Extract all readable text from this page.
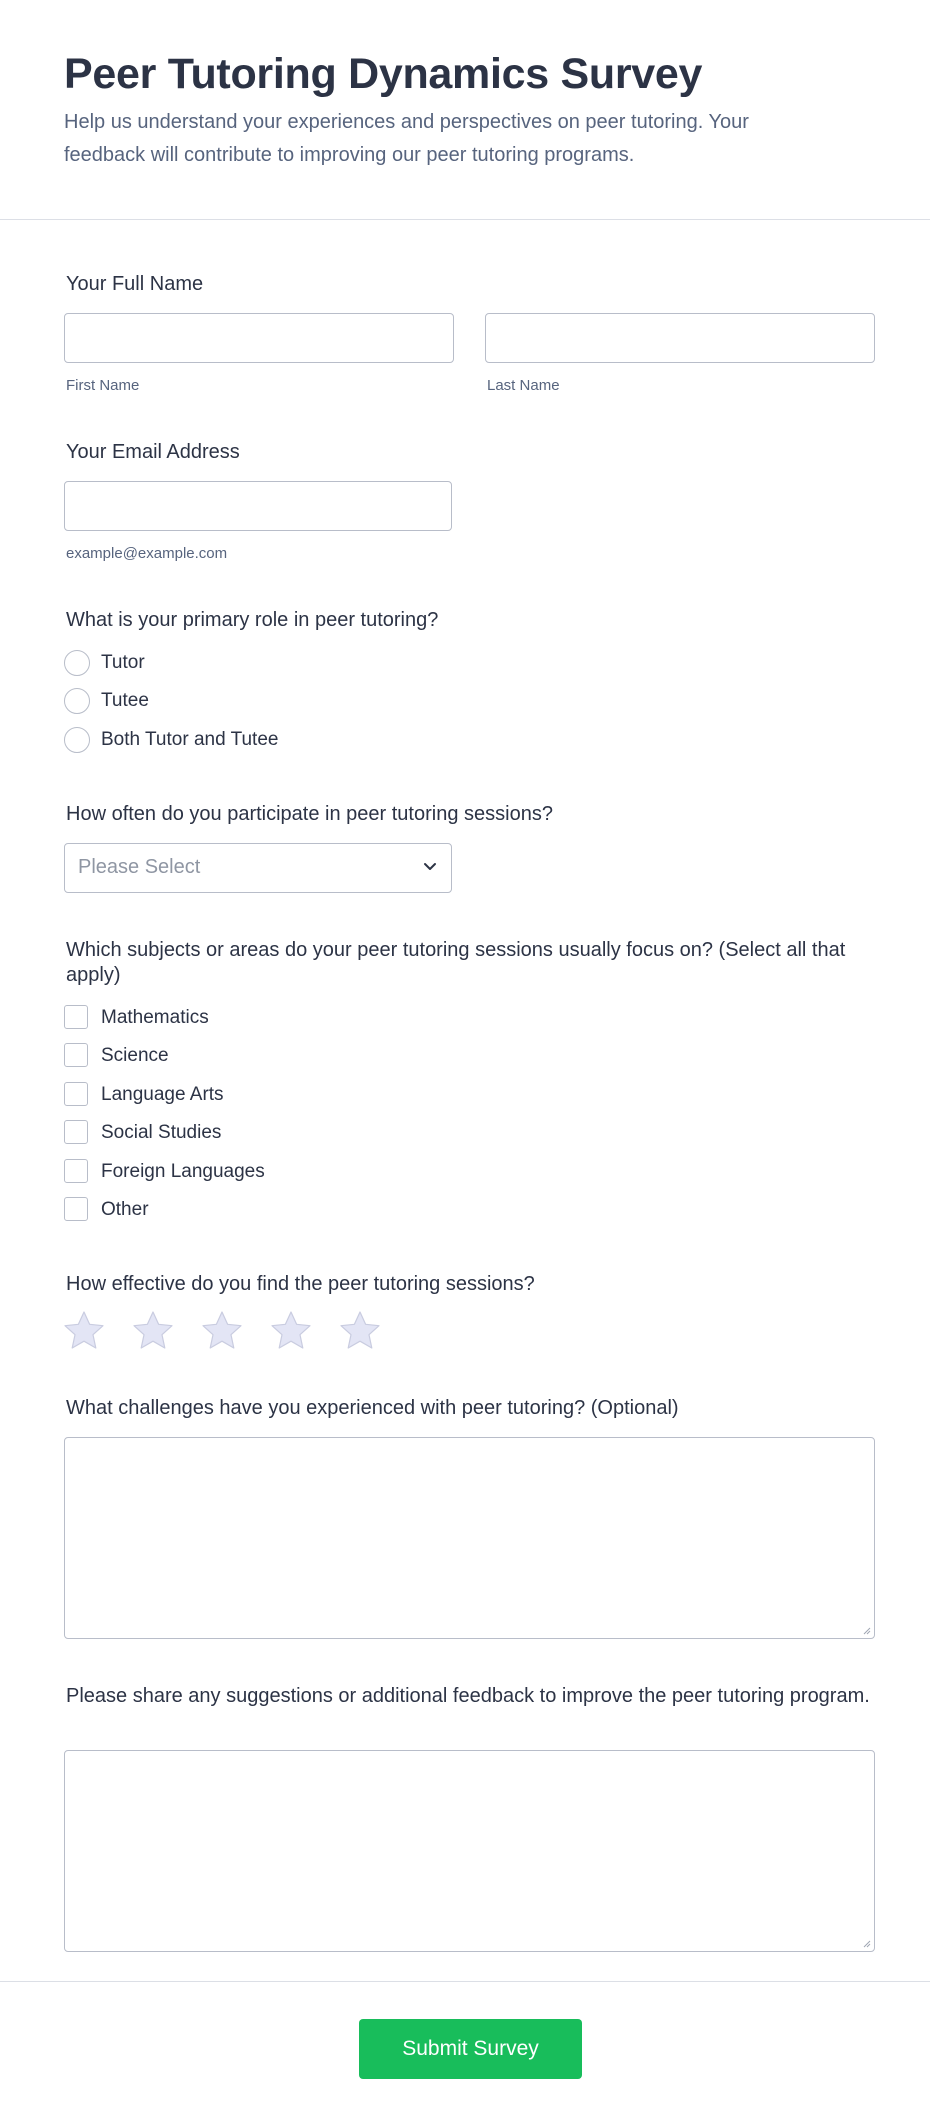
Peer Tutoring Dynamics Survey

Help us understand your experiences and perspectives on peer tutoring. Your feedback will contribute to improving our peer tutoring programs.

Your Full Name
First Name	Last Name
Your Email Address
example@example.com
What is your primary role in peer tutoring?
Tutor
Tutee
Both Tutor and Tutee
How often do you participate in peer tutoring sessions?
Please Select
Which subjects or areas do your peer tutoring sessions usually focus on? (Select all that apply)
Mathematics
Science
Language Arts
Social Studies
Foreign Languages
Other
How effective do you find the peer tutoring sessions?
What challenges have you experienced with peer tutoring? (Optional)
Please share any suggestions or additional feedback to improve the peer tutoring program.
Submit Survey
